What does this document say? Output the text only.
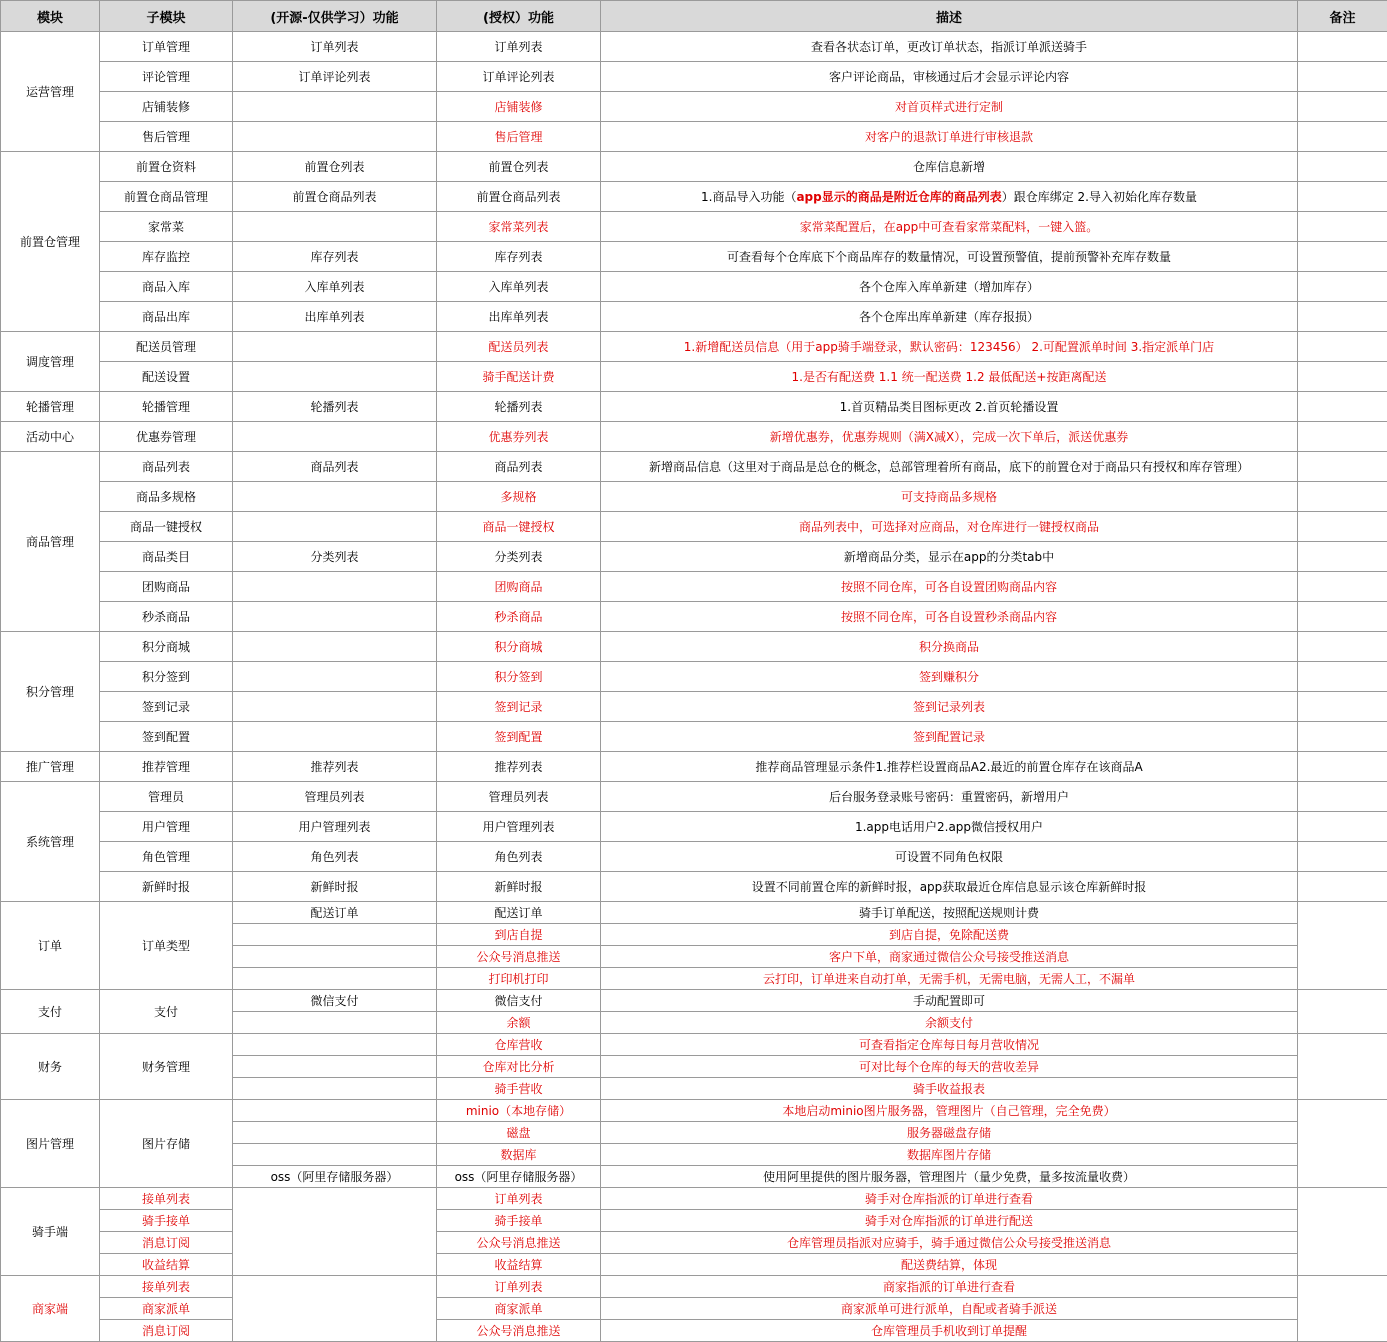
模块	子模块	(开源-仅供学习）功能	(授权）功能	描述	备注
运营管理	订单管理	订单列表	订单列表	查看各状态订单，更改订单状态，指派订单派送骑手	
	评论管理	订单评论列表	订单评论列表	客户评论商品，审核通过后才会显示评论内容	
	店铺装修		店铺装修	对首页样式进行定制	
	售后管理		售后管理	对客户的退款订单进行审核退款	
前置仓管理	前置仓资料	前置仓列表	前置仓列表	仓库信息新增	
	前置仓商品管理	前置仓商品列表	前置仓商品列表	1.商品导入功能（app显示的商品是附近仓库的商品列表）跟仓库绑定 2.导入初始化库存数量	
	家常菜		家常菜列表	家常菜配置后，在app中可查看家常菜配料，一键入篮。	
	库存监控	库存列表	库存列表	可查看每个仓库底下个商品库存的数量情况，可设置预警值，提前预警补充库存数量	
	商品入库	入库单列表	入库单列表	各个仓库入库单新建（增加库存）	
	商品出库	出库单列表	出库单列表	各个仓库出库单新建（库存报损）	
调度管理	配送员管理		配送员列表	1.新增配送员信息（用于app骑手端登录，默认密码：123456） 2.可配置派单时间 3.指定派单门店	
	配送设置		骑手配送计费	1.是否有配送费 1.1 统一配送费 1.2 最低配送+按距离配送	
轮播管理	轮播管理	轮播列表	轮播列表	1.首页精品类目图标更改 2.首页轮播设置	
活动中心	优惠券管理		优惠券列表	新增优惠券，优惠券规则（满X减X），完成一次下单后，派送优惠券	
商品管理	商品列表	商品列表	商品列表	新增商品信息（这里对于商品是总仓的概念，总部管理着所有商品，底下的前置仓对于商品只有授权和库存管理）	
	商品多规格		多规格	可支持商品多规格	
	商品一键授权		商品一键授权	商品列表中，可选择对应商品，对仓库进行一键授权商品	
	商品类目	分类列表	分类列表	新增商品分类，显示在app的分类tab中	
	团购商品		团购商品	按照不同仓库，可各自设置团购商品内容	
	秒杀商品		秒杀商品	按照不同仓库，可各自设置秒杀商品内容	
积分管理	积分商城		积分商城	积分换商品	
	积分签到		积分签到	签到赚积分	
	签到记录		签到记录	签到记录列表	
	签到配置		签到配置	签到配置记录	
推广管理	推荐管理	推荐列表	推荐列表	推荐商品管理显示条件1.推荐栏设置商品A2.最近的前置仓库存在该商品A	
系统管理	管理员	管理员列表	管理员列表	后台服务登录账号密码：重置密码，新增用户	
	用户管理	用户管理列表	用户管理列表	1.app电话用户2.app微信授权用户	
	角色管理	角色列表	角色列表	可设置不同角色权限	
	新鲜时报	新鲜时报	新鲜时报	设置不同前置仓库的新鲜时报，app获取最近仓库信息显示该仓库新鲜时报	
订单	订单类型	配送订单	配送订单	骑手订单配送，按照配送规则计费	
			到店自提	到店自提，免除配送费	
			公众号消息推送	客户下单，商家通过微信公众号接受推送消息	
			打印机打印	云打印，订单进来自动打单，无需手机，无需电脑，无需人工，不漏单	
支付	支付	微信支付	微信支付	手动配置即可	
			余额	余额支付	
财务	财务管理		仓库营收	可查看指定仓库每日每月营收情况	
			仓库对比分析	可对比每个仓库的每天的营收差异	
			骑手营收	骑手收益报表	
图片管理	图片存储		minio（本地存储）	本地启动minio图片服务器，管理图片（自己管理，完全免费）	
			磁盘	服务器磁盘存储	
			数据库	数据库图片存储	
		oss（阿里存储服务器）	oss（阿里存储服务器）	使用阿里提供的图片服务器，管理图片（量少免费，量多按流量收费）	
骑手端	接单列表		订单列表	骑手对仓库指派的订单进行查看	
	骑手接单		骑手接单	骑手对仓库指派的订单进行配送	
	消息订阅		公众号消息推送	仓库管理员指派对应骑手，骑手通过微信公众号接受推送消息	
	收益结算		收益结算	配送费结算，体现	
商家端	接单列表		订单列表	商家指派的订单进行查看	
	商家派单		商家派单	商家派单可进行派单，自配或者骑手派送	
	消息订阅		公众号消息推送	仓库管理员手机收到订单提醒	
